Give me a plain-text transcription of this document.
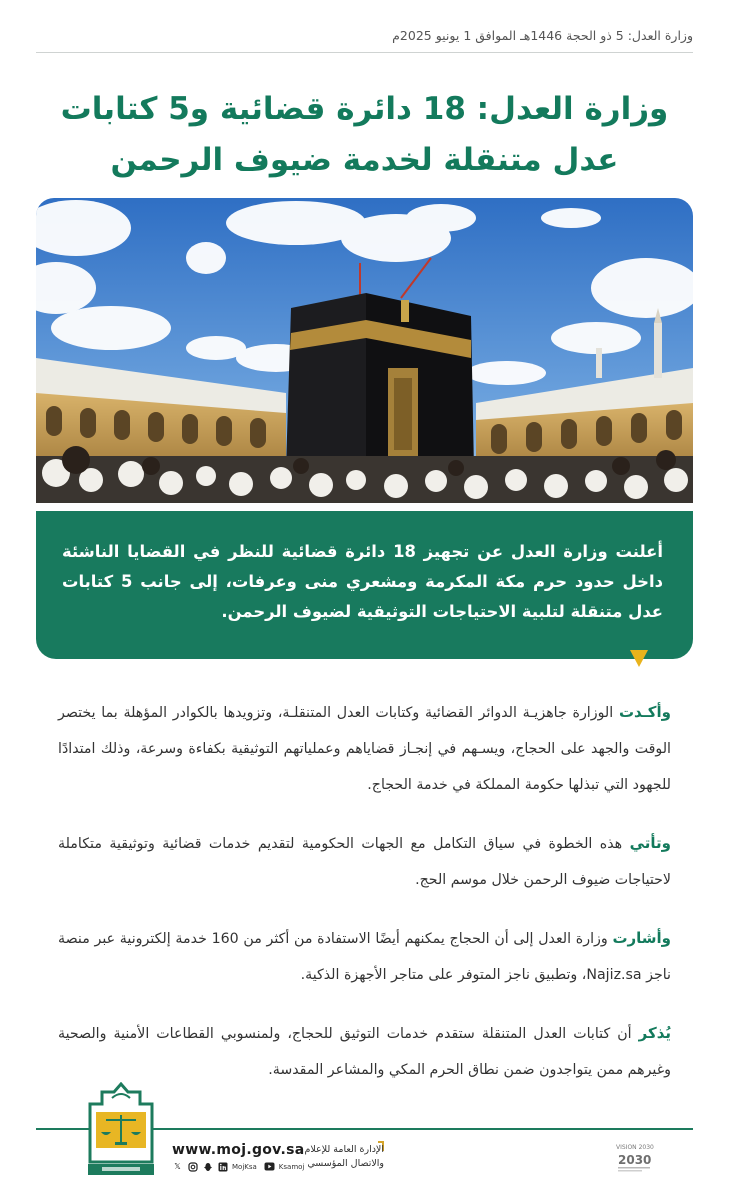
وزارة العدل: 5 ذو الحجة 1446هـ الموافق 1 يونيو 2025م
وزارة العدل: 18 دائرة قضائية و5 كتابات
عدل متنقلة لخدمة ضيوف الرحمن

أعلنت وزارة العدل عن تجهيز 18 دائرة قضائية للنظر في القضايا الناشئة داخل حدود حرم مكة المكرمة ومشعري منى وعرفات، إلى جانب 5 كتابات عدل متنقلة لتلبية الاحتياجات التوثيقية لضيوف الرحمن.

وأكـدت الوزارة جاهزيـة الدوائر القضائية وكتابات العدل المتنقلـة، وتزويدها بالكوادر المؤهلة بما يختصر الوقت والجهد على الحجاج، ويسـهم في إنجـاز قضاياهم وعملياتهم التوثيقية بكفاءة وسرعة، وذلك امتدادًا للجهود التي تبذلها حكومة المملكة في خدمة الحجاج.

وتأتي هذه الخطوة في سياق التكامل مع الجهات الحكومية لتقديم خدمات قضائية وتوثيقية متكاملة لاحتياجات ضيوف الرحمن خلال موسم الحج.

وأشارت وزارة العدل إلى أن الحجاج يمكنهم أيضًا الاستفادة من أكثر من 160 خدمة إلكترونية عبر منصة ناجز Najiz.sa، وتطبيق ناجز المتوفر على متاجر الأجهزة الذكية.

يُذكر أن كتابات العدل المتنقلة ستقدم خدمات التوثيق للحجاج، ولمنسوبي القطاعات الأمنية والصحية وغيرهم ممن يتواجدون ضمن نطاق الحرم المكي والمشاعر المقدسة.

www.moj.gov.sa
𝕏	MojKsa	Ksamoj
الإدارة العامة للإعلام
والاتصال المؤسسي
VISION 2030
2030
